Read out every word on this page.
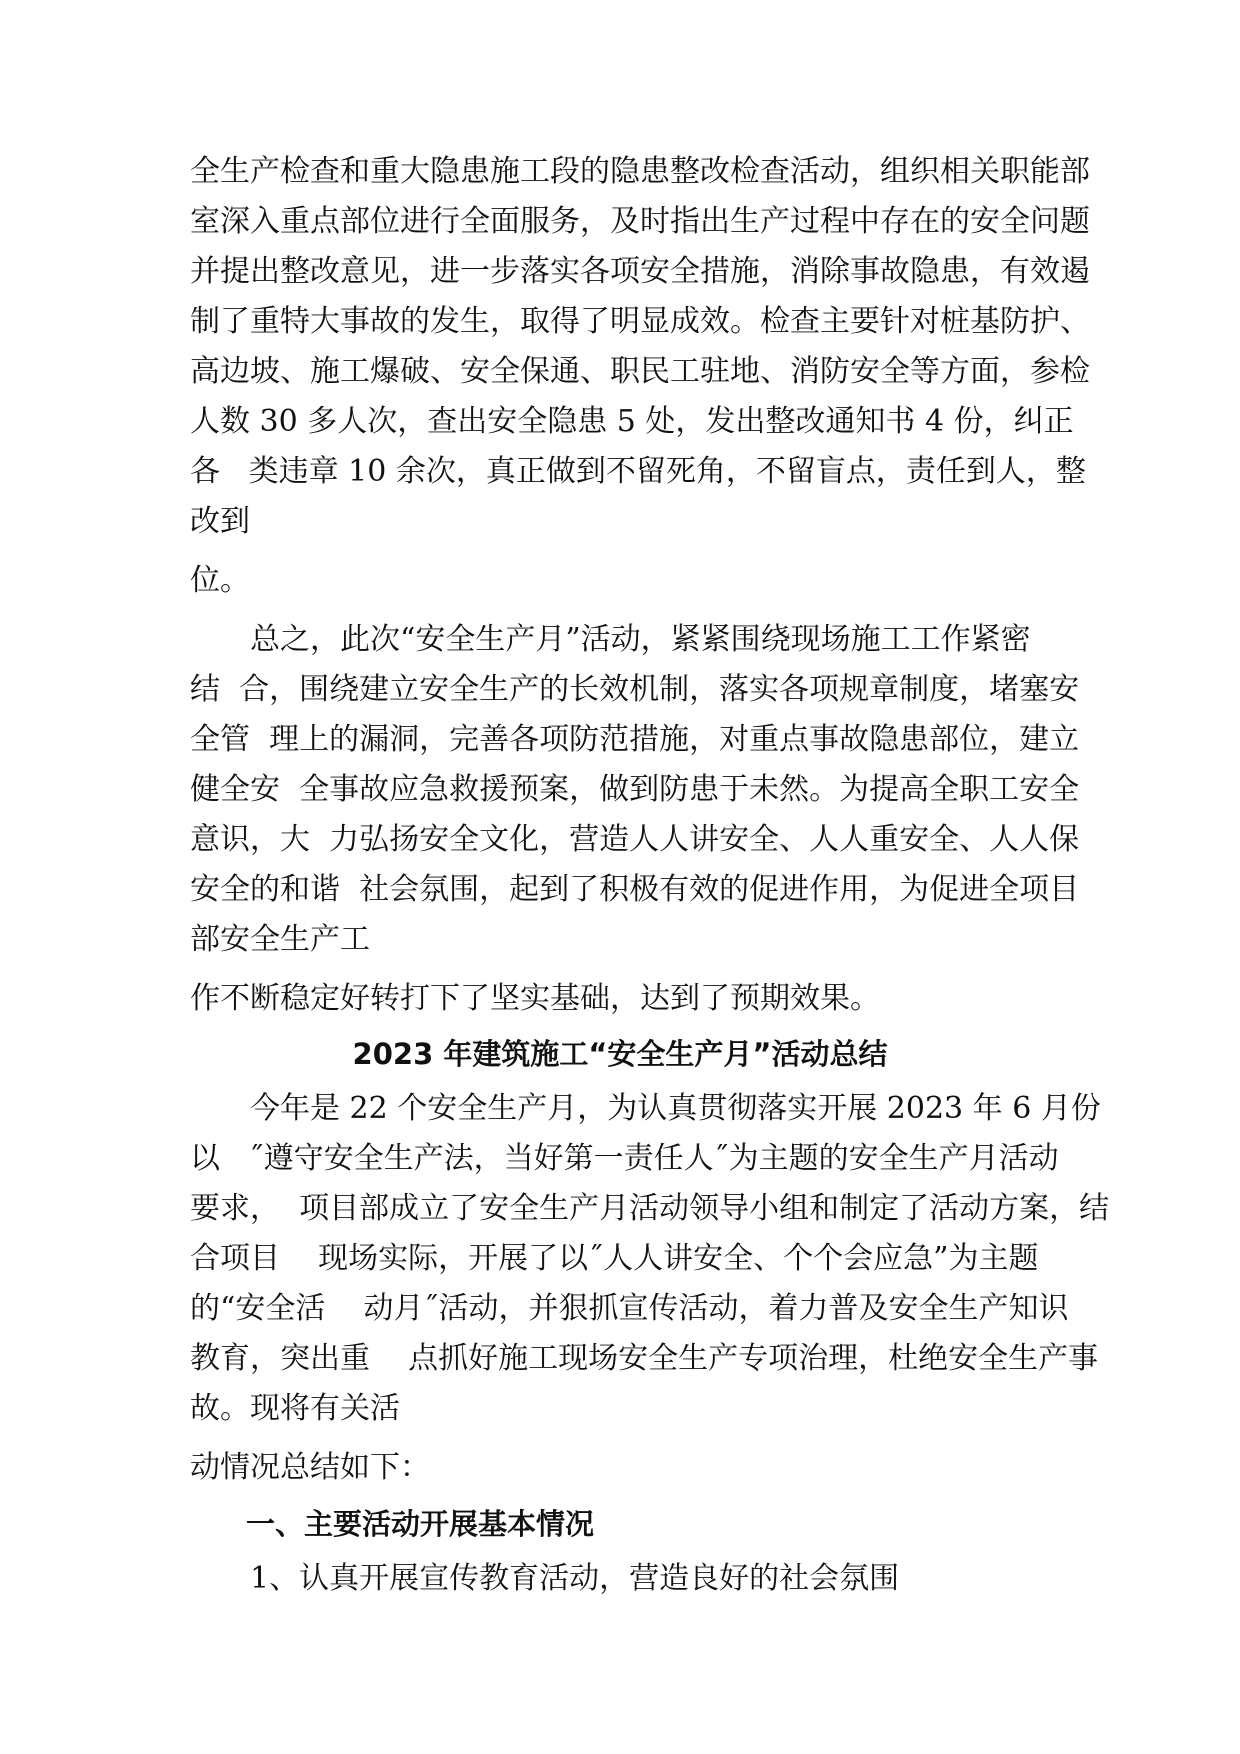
全生产检查和重大隐患施工段的隐患整改检查活动，组织相关职能部

室深入重点部位进行全面服务，及时指出生产过程中存在的安全问题

并提出整改意见，进一步落实各项安全措施，消除事故隐患，有效遏

制了重特大事故的发生，取得了明显成效。检查主要针对桩基防护、

高边坡、施工爆破、安全保通、职民工驻地、消防安全等方面，参检

人数 30 多人次，查出安全隐患 5 处，发出整改通知书 4 份，纠正

各   类违章 10 余次，真正做到不留死角，不留盲点，责任到人，整

改到

位。

总之，此次“安全生产月”活动，紧紧围绕现场施工工作紧密

结  合，围绕建立安全生产的长效机制，落实各项规章制度，堵塞安

全管  理上的漏洞，完善各项防范措施，对重点事故隐患部位，建立

健全安  全事故应急救援预案，做到防患于未然。为提高全职工安全

意识，大  力弘扬安全文化，营造人人讲安全、人人重安全、人人保

安全的和谐  社会氛围，起到了积极有效的促进作用，为促进全项目

部安全生产工

作不断稳定好转打下了坚实基础，达到了预期效果。

2023 年建筑施工“安全生产月”活动总结

今年是 22 个安全生产月，为认真贯彻落实开展 2023 年 6 月份

以   ˝遵守安全生产法，当好第一责任人˝为主题的安全生产月活动

要求，  项目部成立了安全生产月活动领导小组和制定了活动方案，结

合项目    现场实际，开展了以˝人人讲安全、个个会应急”为主题

的“安全活    动月˝活动，并狠抓宣传活动，着力普及安全生产知识

教育，突出重    点抓好施工现场安全生产专项治理，杜绝安全生产事

故。现将有关活

动情况总结如下：

一、主要活动开展基本情况

1、认真开展宣传教育活动，营造良好的社会氛围
